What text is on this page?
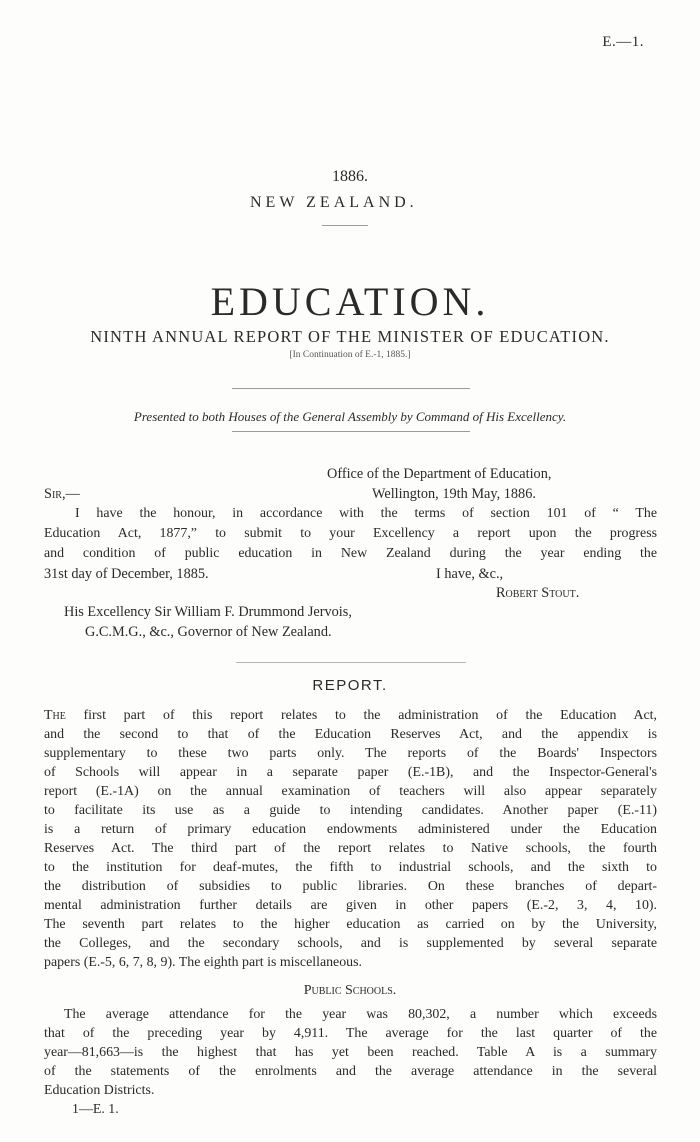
E.—1.
1886.
NEW ZEALAND.
EDUCATION.
NINTH ANNUAL REPORT OF THE MINISTER OF EDUCATION.
[In Continuation of E.-1, 1885.]
Presented to both Houses of the General Assembly by Command of His Excellency.
Office of the Department of Education,
Sir,—	Wellington, 19th May, 1886.
I have the honour, in accordance with the terms of section 101 of “ The
Education Act, 1877,” to submit to your Excellency a report upon the progress
and condition of public education in New Zealand during the year ending the
31st day of December, 1885.	I have, &c.,
Robert Stout.
His Excellency Sir William F. Drummond Jervois,
G.C.M.G., &c., Governor of New Zealand.
REPORT.
The first part of this report relates to the administration of the Education Act,
and the second to that of the Education Reserves Act, and the appendix is
supplementary to these two parts only. The reports of the Boards' Inspectors
of Schools will appear in a separate paper (E.-1B), and the Inspector-General's
report (E.-1A) on the annual examination of teachers will also appear separately
to facilitate its use as a guide to intending candidates. Another paper (E.-11)
is a return of primary education endowments administered under the Education
Reserves Act. The third part of the report relates to Native schools, the fourth
to the institution for deaf-mutes, the fifth to industrial schools, and the sixth to
the distribution of subsidies to public libraries. On these branches of depart-
mental administration further details are given in other papers (E.-2, 3, 4, 10).
The seventh part relates to the higher education as carried on by the University,
the Colleges, and the secondary schools, and is supplemented by several separate
papers (E.-5, 6, 7, 8, 9). The eighth part is miscellaneous.
Public Schools.
The average attendance for the year was 80,302, a number which exceeds
that of the preceding year by 4,911. The average for the last quarter of the
year—81,663—is the highest that has yet been reached. Table A is a summary
of the statements of the enrolments and the average attendance in the several
Education Districts.
1—E. 1.
